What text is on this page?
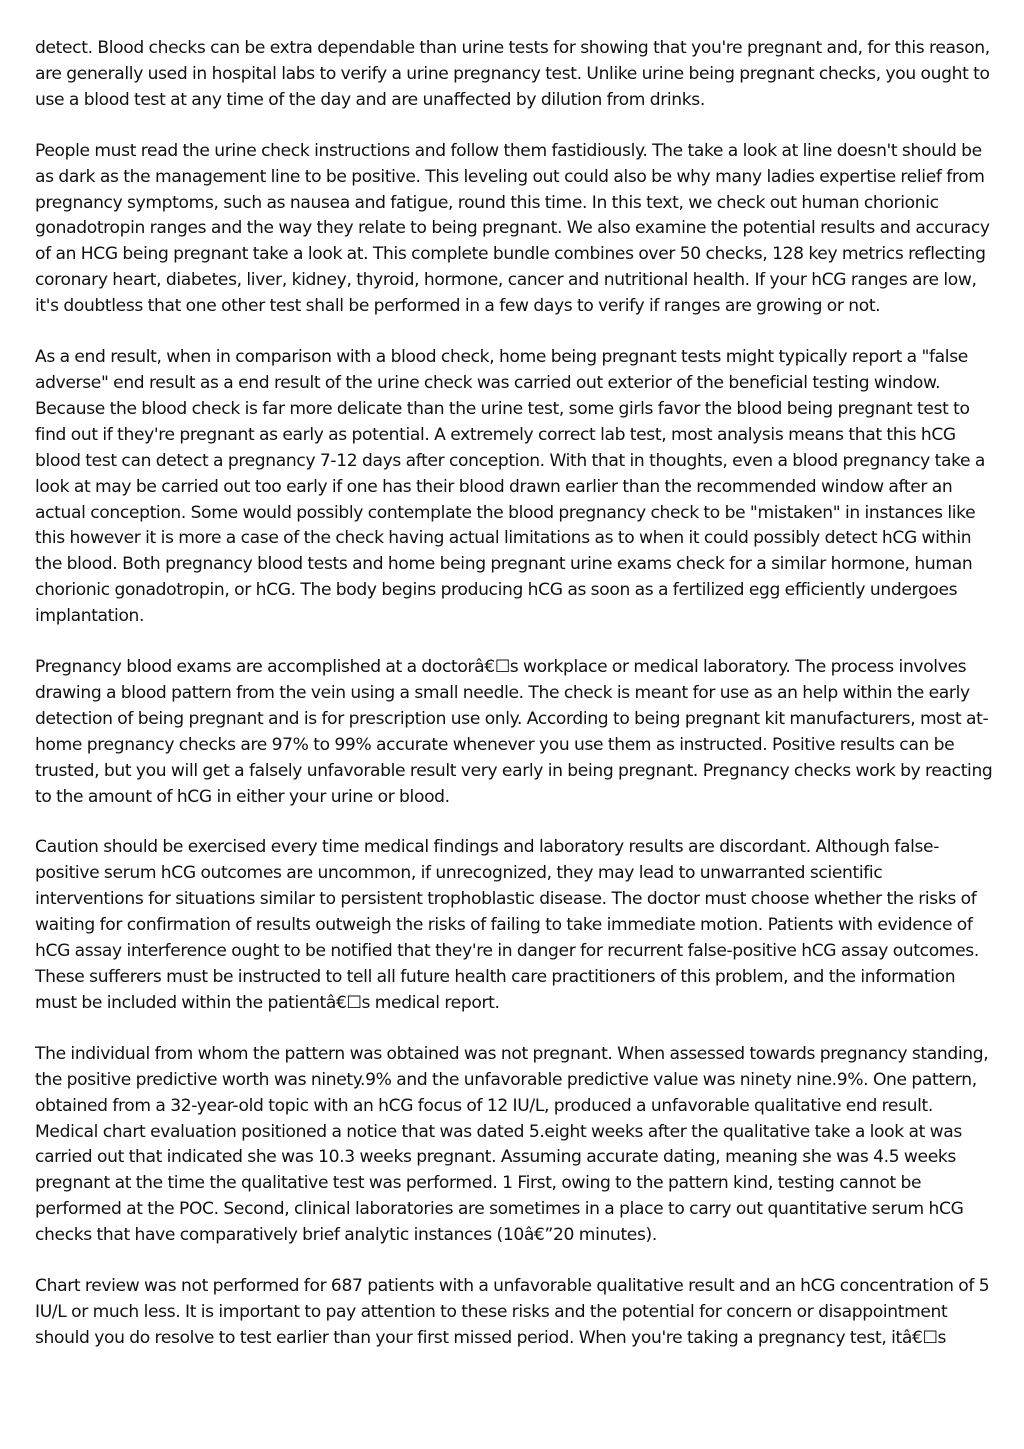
detect. Blood checks can be extra dependable than urine tests for showing that you're pregnant and, for this reason, are generally used in hospital labs to verify a urine pregnancy test. Unlike urine being pregnant checks, you ought to use a blood test at any time of the day and are unaffected by dilution from drinks.

People must read the urine check instructions and follow them fastidiously. The take a look at line doesn't should be as dark as the management line to be positive. This leveling out could also be why many ladies expertise relief from pregnancy symptoms, such as nausea and fatigue, round this time. In this text, we check out human chorionic gonadotropin ranges and the way they relate to being pregnant. We also examine the potential results and accuracy of an HCG being pregnant take a look at. This complete bundle combines over 50 checks, 128 key metrics reflecting coronary heart, diabetes, liver, kidney, thyroid, hormone, cancer and nutritional health. If your hCG ranges are low, it's doubtless that one other test shall be performed in a few days to verify if ranges are growing or not.

As a end result, when in comparison with a blood check, home being pregnant tests might typically report a "false adverse" end result as a end result of the urine check was carried out exterior of the beneficial testing window. Because the blood check is far more delicate than the urine test, some girls favor the blood being pregnant test to find out if they're pregnant as early as potential. A extremely correct lab test, most analysis means that this hCG blood test can detect a pregnancy 7-12 days after conception. With that in thoughts, even a blood pregnancy take a look at may be carried out too early if one has their blood drawn earlier than the recommended window after an actual conception. Some would possibly contemplate the blood pregnancy check to be "mistaken" in instances like this however it is more a case of the check having actual limitations as to when it could possibly detect hCG within the blood. Both pregnancy blood tests and home being pregnant urine exams check for a similar hormone, human chorionic gonadotropin, or hCG. The body begins producing hCG as soon as a fertilized egg efficiently undergoes implantation.

Pregnancy blood exams are accomplished at a doctorâ€☐s workplace or medical laboratory. The process involves drawing a blood pattern from the vein using a small needle. The check is meant for use as an help within the early detection of being pregnant and is for prescription use only. According to being pregnant kit manufacturers, most at-home pregnancy checks are 97% to 99% accurate whenever you use them as instructed. Positive results can be trusted, but you will get a falsely unfavorable result very early in being pregnant. Pregnancy checks work by reacting to the amount of hCG in either your urine or blood.

Caution should be exercised every time medical findings and laboratory results are discordant. Although false-positive serum hCG outcomes are uncommon, if unrecognized, they may lead to unwarranted scientific interventions for situations similar to persistent trophoblastic disease. The doctor must choose whether the risks of waiting for confirmation of results outweigh the risks of failing to take immediate motion. Patients with evidence of hCG assay interference ought to be notified that they're in danger for recurrent false-positive hCG assay outcomes. These sufferers must be instructed to tell all future health care practitioners of this problem, and the information must be included within the patientâ€☐s medical report.

The individual from whom the pattern was obtained was not pregnant. When assessed towards pregnancy standing, the positive predictive worth was ninety.9% and the unfavorable predictive value was ninety nine.9%. One pattern, obtained from a 32-year-old topic with an hCG focus of 12 IU/L, produced a unfavorable qualitative end result. Medical chart evaluation positioned a notice that was dated 5.eight weeks after the qualitative take a look at was carried out that indicated she was 10.3 weeks pregnant. Assuming accurate dating, meaning she was 4.5 weeks pregnant at the time the qualitative test was performed. 1 First, owing to the pattern kind, testing cannot be performed at the POC. Second, clinical laboratories are sometimes in a place to carry out quantitative serum hCG checks that have comparatively brief analytic instances (10â€”20 minutes).

Chart review was not performed for 687 patients with a unfavorable qualitative result and an hCG concentration of 5 IU/L or much less. It is important to pay attention to these risks and the potential for concern or disappointment should you do resolve to test earlier than your first missed period. When you're taking a pregnancy test, itâ€☐s
